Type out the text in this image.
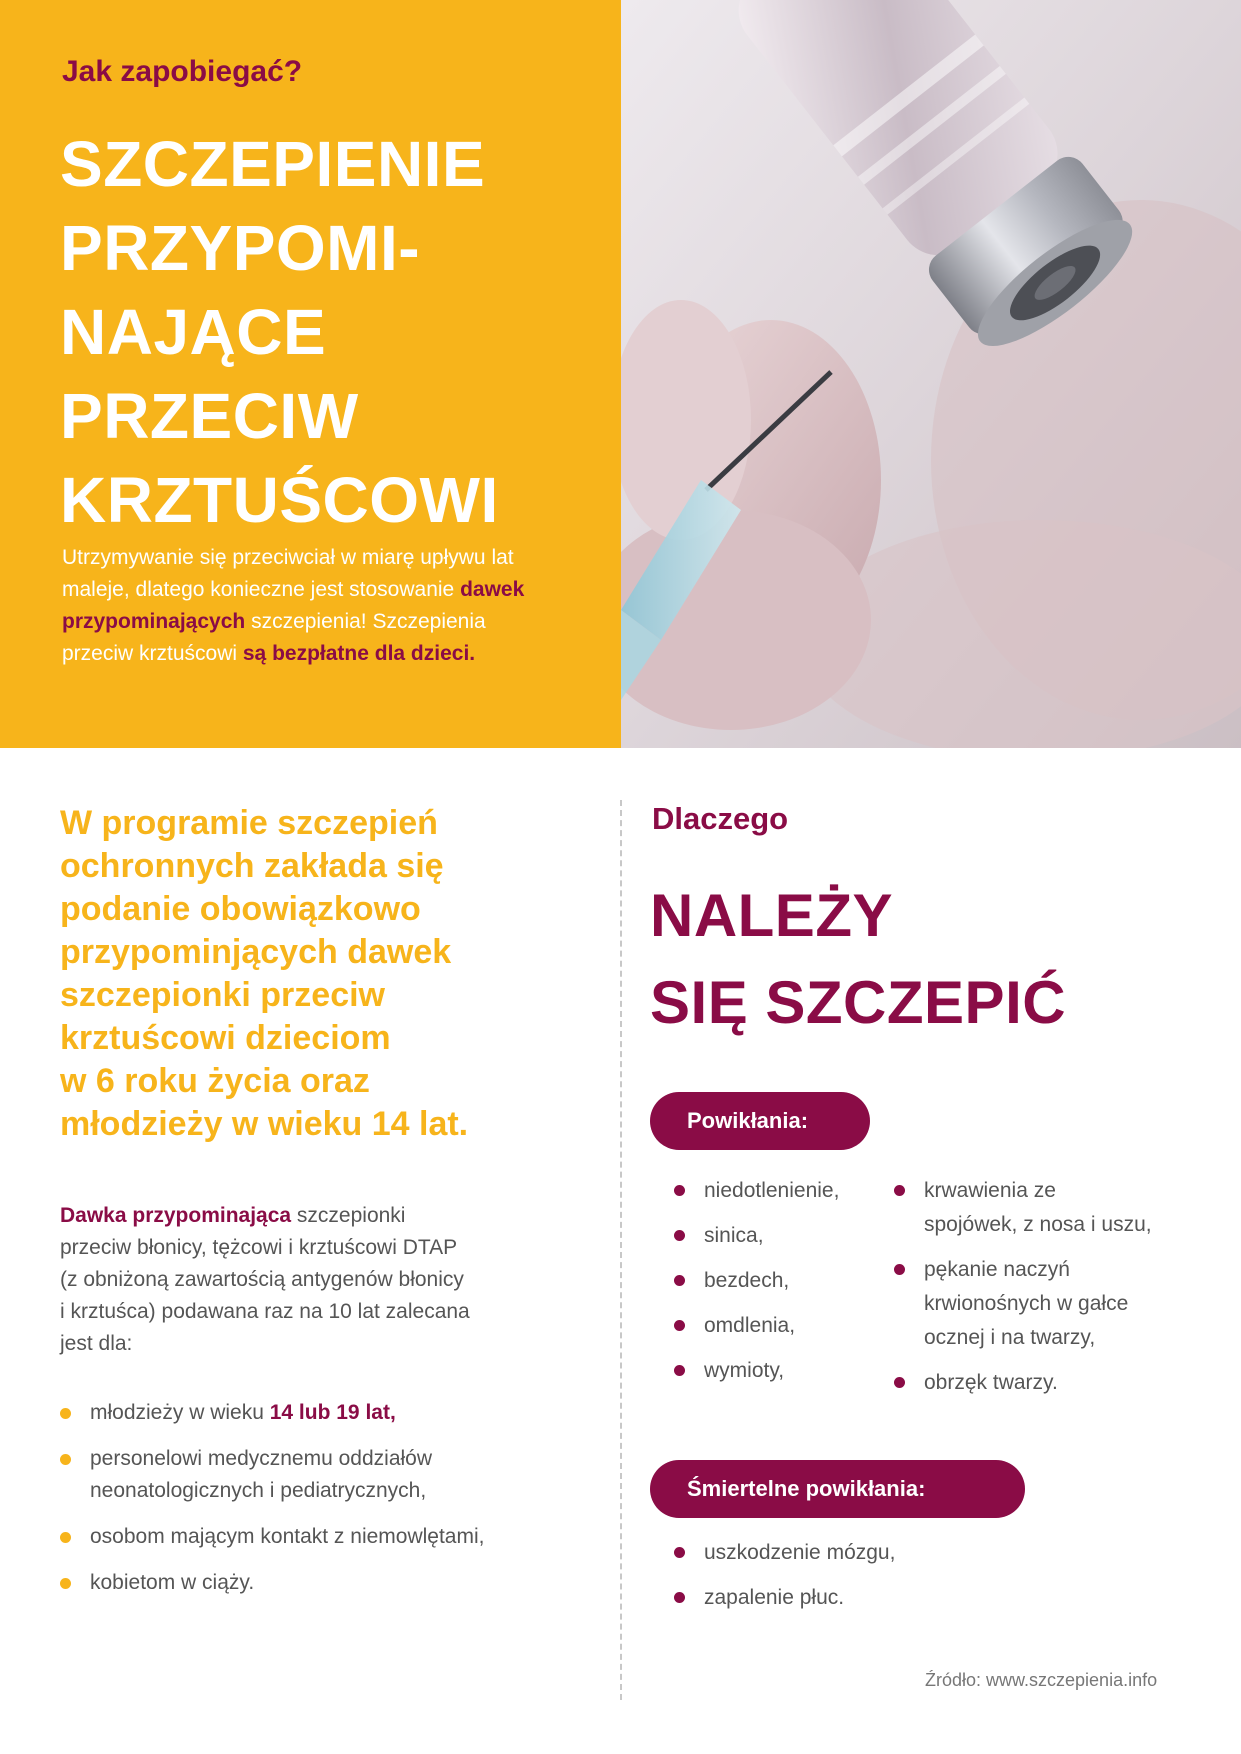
Jak zapobiegać?
SZCZEPIENIE
PRZYPOMI-
NAJĄCE
PRZECIW
KRZTUŚCOWI
Utrzymywanie się przeciwciał w miarę upływu lat maleje, dlatego konieczne jest stosowanie dawek przypominających szczepienia! Szczepienia przeciw krztuścowi są bezpłatne dla dzieci.
W programie szczepień
ochronnych zakłada się
podanie obowiązkowo
przypominjących dawek
szczepionki przeciw
krztuścowi dzieciom
w 6 roku życia oraz
młodzieży w wieku 14 lat.
Dawka przypominająca szczepionki
przeciw błonicy, tężcowi i krztuścowi DTAP
(z obniżoną zawartością antygenów błonicy
i krztuśca) podawana raz na 10 lat zalecana
jest dla:
młodzieży w wieku 14 lub 19 lat,
personelowi medycznemu oddziałów
neonatologicznych i pediatrycznych,
osobom mającym kontakt z niemowlętami,
kobietom w ciąży.
Dlaczego
NALEŻY
SIĘ SZCZEPIĆ
Powikłania:
niedotlenienie,
sinica,
bezdech,
omdlenia,
wymioty,
krwawienia ze
spojówek, z nosa i uszu,
pękanie naczyń
krwionośnych w gałce
ocznej i na twarzy,
obrzęk twarzy.
Śmiertelne powikłania:
uszkodzenie mózgu,
zapalenie płuc.
Źródło: www.szczepienia.info
